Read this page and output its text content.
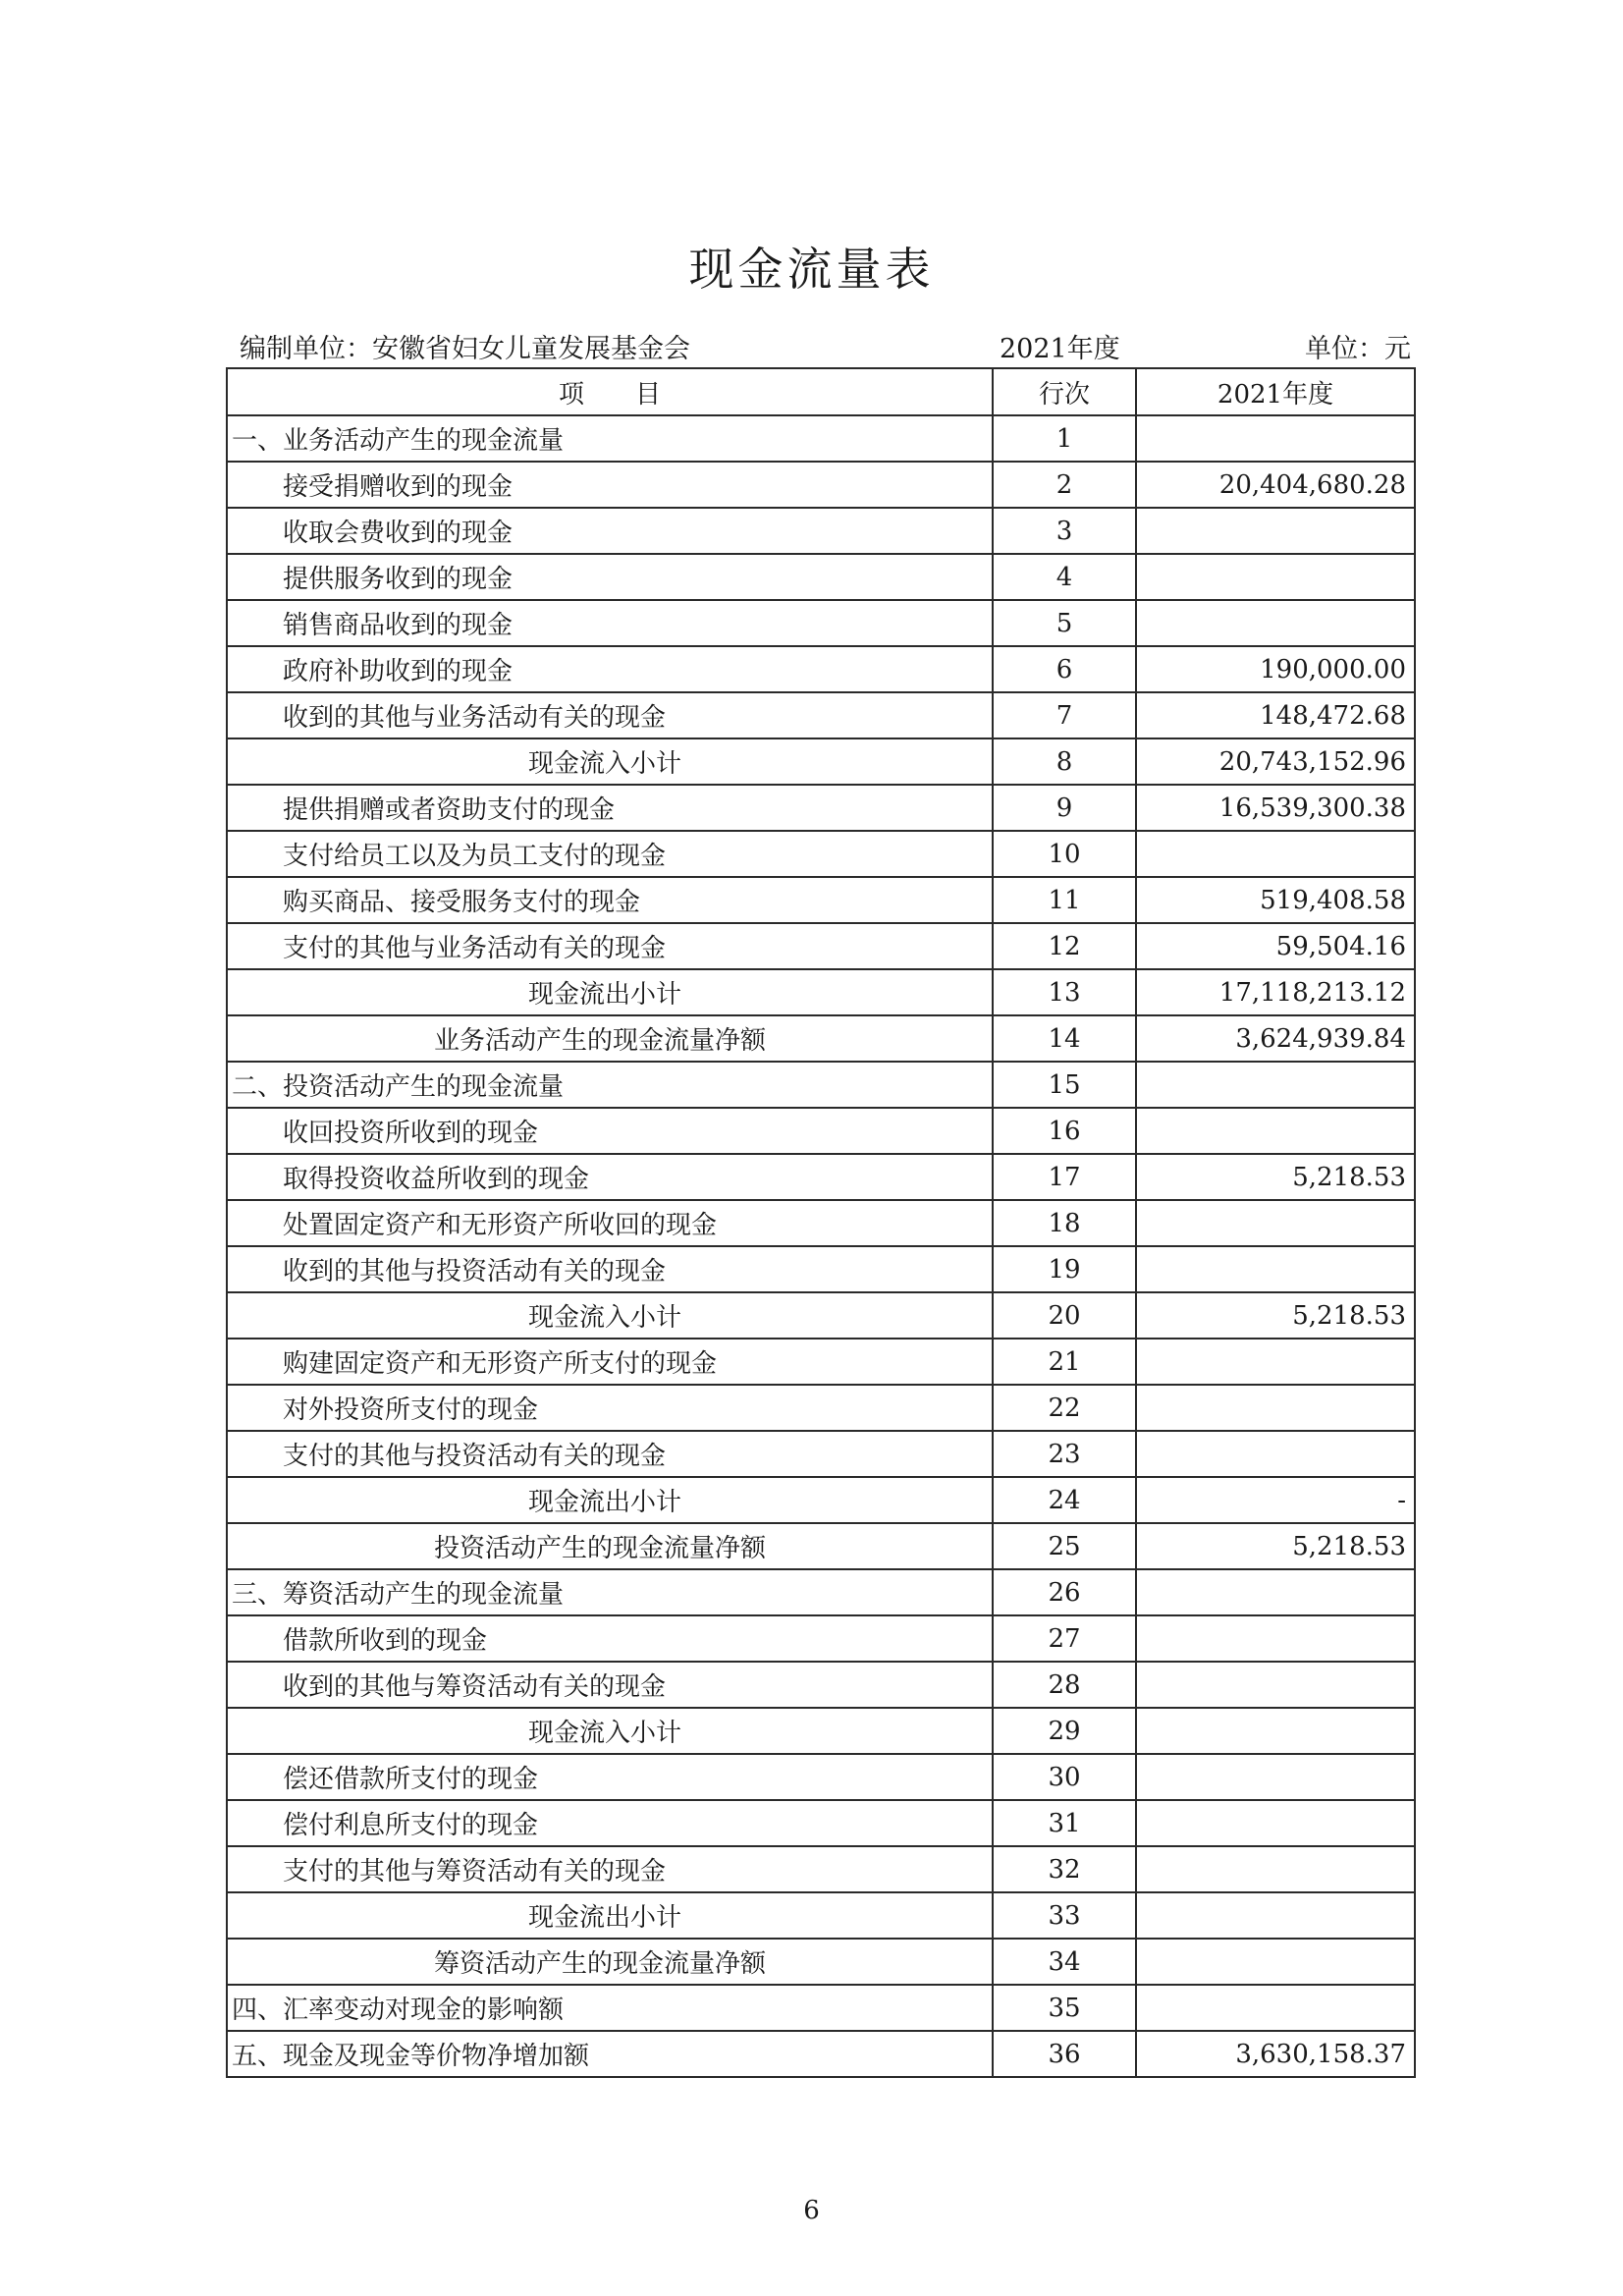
现金流量表
编制单位：安徽省妇女儿童发展基金会	2021年度	单位：元
项　　目	行次	2021年度
一、业务活动产生的现金流量	1	
接受捐赠收到的现金	2	20,404,680.28
收取会费收到的现金	3	
提供服务收到的现金	4	
销售商品收到的现金	5	
政府补助收到的现金	6	190,000.00
收到的其他与业务活动有关的现金	7	148,472.68
现金流入小计	8	20,743,152.96
提供捐赠或者资助支付的现金	9	16,539,300.38
支付给员工以及为员工支付的现金	10	
购买商品、接受服务支付的现金	11	519,408.58
支付的其他与业务活动有关的现金	12	59,504.16
现金流出小计	13	17,118,213.12
业务活动产生的现金流量净额	14	3,624,939.84
二、投资活动产生的现金流量	15	
收回投资所收到的现金	16	
取得投资收益所收到的现金	17	5,218.53
处置固定资产和无形资产所收回的现金	18	
收到的其他与投资活动有关的现金	19	
现金流入小计	20	5,218.53
购建固定资产和无形资产所支付的现金	21	
对外投资所支付的现金	22	
支付的其他与投资活动有关的现金	23	
现金流出小计	24	-
投资活动产生的现金流量净额	25	5,218.53
三、筹资活动产生的现金流量	26	
借款所收到的现金	27	
收到的其他与筹资活动有关的现金	28	
现金流入小计	29	
偿还借款所支付的现金	30	
偿付利息所支付的现金	31	
支付的其他与筹资活动有关的现金	32	
现金流出小计	33	
筹资活动产生的现金流量净额	34	
四、汇率变动对现金的影响额	35	
五、现金及现金等价物净增加额	36	3,630,158.37
6
